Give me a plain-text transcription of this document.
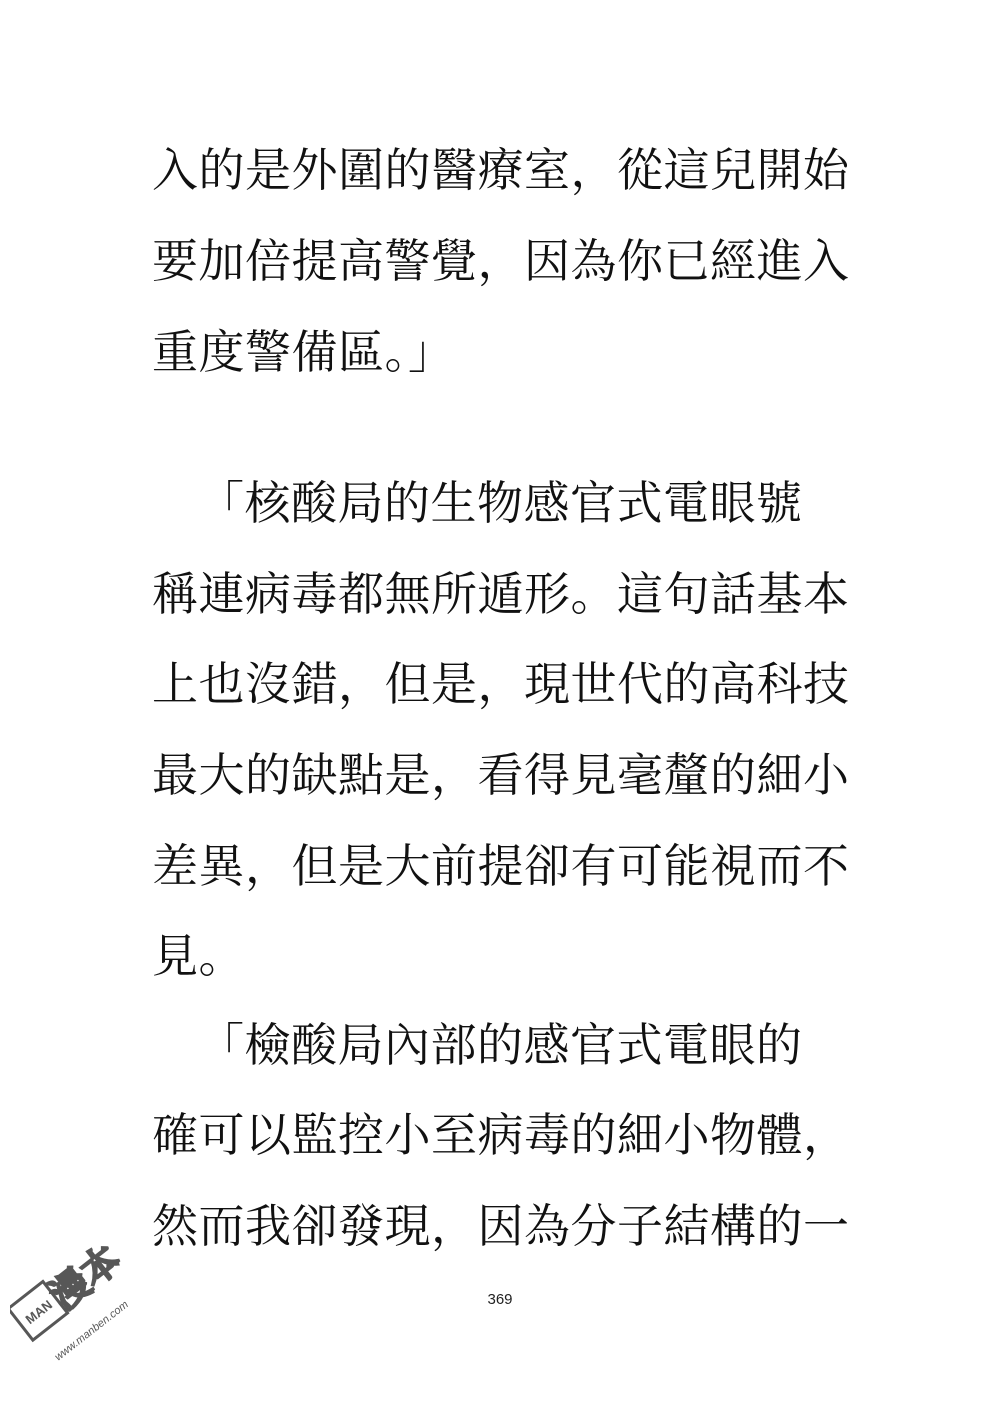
入的是外圍的醫療室，從這兒開始
要加倍提高警覺，因為你已經進入
重度警備區。」
「核酸局的生物感官式電眼號
稱連病毒都無所遁形。這句話基本
上也沒錯，但是，現世代的高科技
最大的缺點是，看得見毫釐的細小
差異，但是大前提卻有可能視而不
見。
「檢酸局內部的感官式電眼的
確可以監控小至病毒的細小物體，
然而我卻發現，因為分子結構的一
369
MAN
漫本
www.manben.com
